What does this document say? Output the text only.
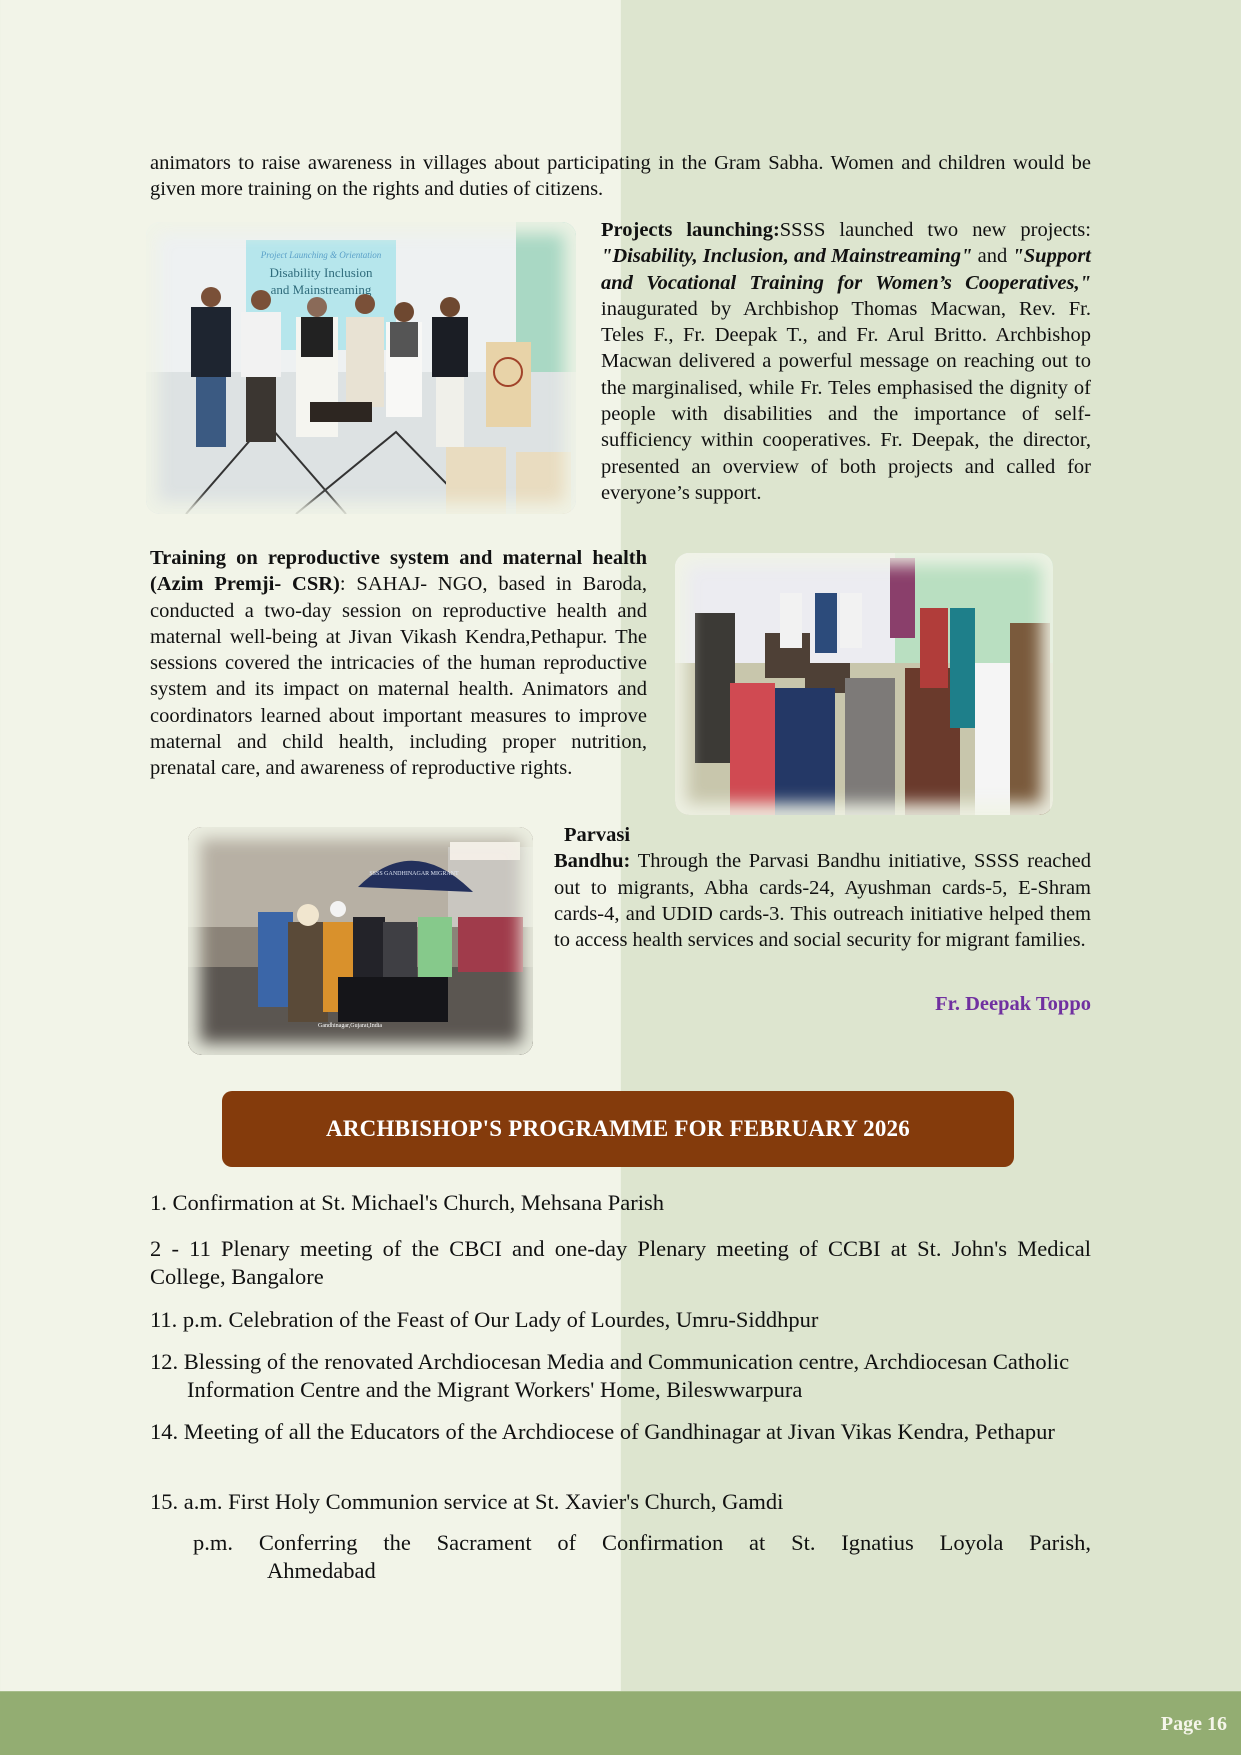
animators to raise awareness in villages about participating in the Gram Sabha. Women and children would be given more training on the rights and duties of citizens.
Project Launching & Orientation
Disability Inclusion
and Mainstreaming
Projects launching:SSSS launched two new projects: "Disability, Inclusion, and Mainstreaming" and "Support and Vocational Training for Women’s Cooperatives," inaugurated by Archbishop Thomas Macwan, Rev. Fr. Teles F., Fr. Deepak T., and Fr. Arul Britto. Archbishop Macwan delivered a powerful message on reaching out to the marginalised, while Fr. Teles emphasised the dignity of people with disabilities and the importance of self-sufficiency within cooperatives. Fr. Deepak, the director, presented an overview of both projects and called for everyone’s support.
Training on reproductive system and maternal health (Azim Premji- CSR): SAHAJ- NGO, based in Baroda, conducted a two-day session on reproductive health and maternal well-being at Jivan Vikash Kendra,Pethapur. The sessions covered the intricacies of the human reproductive system and its impact on maternal health. Animators and coordinators learned about important measures to improve maternal and child health, including proper nutrition, prenatal care, and awareness of reproductive rights.
SSSS GANDHINAGAR MIGRANT
Gandhinagar,Gujarat,India
Parvasi
Bandhu: Through the Parvasi Bandhu initiative, SSSS reached out to migrants, Abha cards-24, Ayushman cards-5, E-Shram cards-4, and UDID cards-3. This outreach initiative helped them to access health services and social security for migrant families.
Fr. Deepak Toppo
ARCHBISHOP'S PROGRAMME FOR FEBRUARY 2026
1. Confirmation at St. Michael's Church, Mehsana Parish
2 - 11 Plenary meeting of the CBCI and one-day Plenary meeting of CCBI at St. John's Medical College, Bangalore
11. p.m. Celebration of the Feast of Our Lady of Lourdes, Umru-Siddhpur
12. Blessing of the renovated Archdiocesan Media and Communication centre, Archdiocesan Catholic Information Centre and the Migrant Workers' Home, Bileswwarpura
14. Meeting of all the Educators of the Archdiocese of Gandhinagar at Jivan Vikas Kendra, Pethapur
15. a.m. First Holy Communion service at St. Xavier's Church, Gamdi
p.m. Conferring the Sacrament of Confirmation at St. Ignatius Loyola Parish,
Ahmedabad
Page 16
